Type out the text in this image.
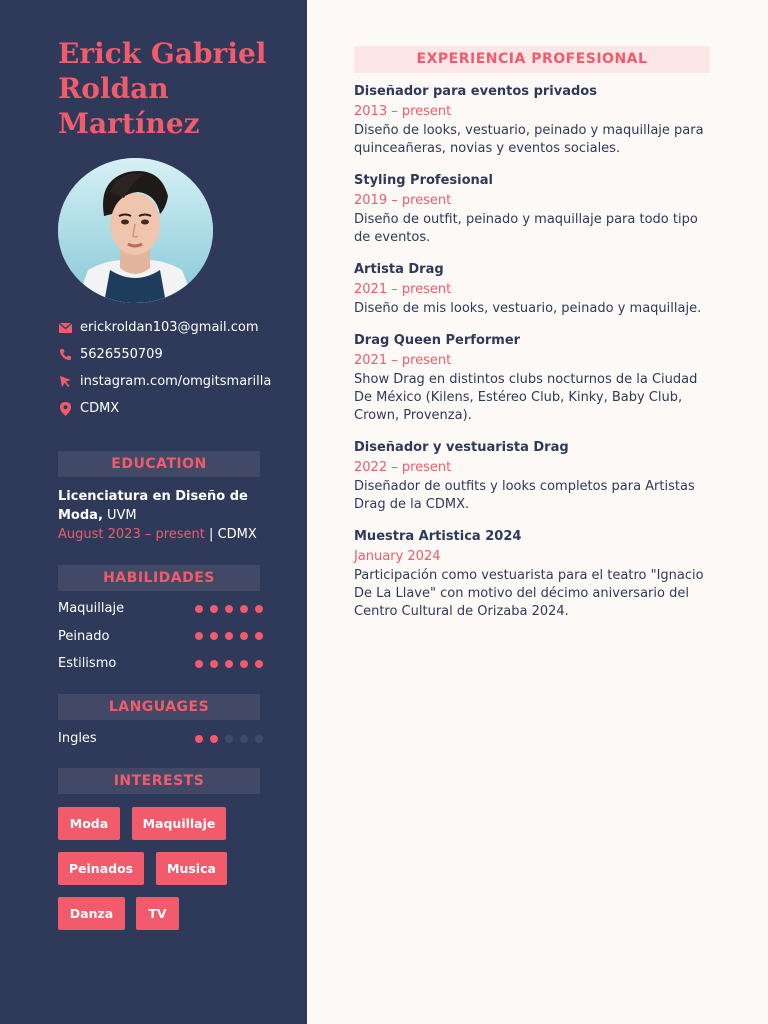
Erick Gabriel
Roldan
Martínez
erickroldan103@gmail.com
5626550709
instagram.com/omgitsmarilla
CDMX
EDUCATION
Licenciatura en Diseño de Moda, UVM
August 2023 – present | CDMX
HABILIDADES
Maquillaje
Peinado
Estilismo
LANGUAGES
Ingles
INTERESTS
Moda	Maquillaje
Peinados	Musica
Danza	TV
EXPERIENCIA PROFESIONAL
Diseñador para eventos privados
2013 – present
Diseño de looks, vestuario, peinado y maquillaje para quinceañeras, novias y eventos sociales.
Styling Profesional
2019 – present
Diseño de outfit, peinado y maquillaje para todo tipo de eventos.
Artista Drag
2021 – present
Diseño de mis looks, vestuario, peinado y maquillaje.
Drag Queen Performer
2021 – present
Show Drag en distintos clubs nocturnos de la Ciudad De México (Kilens, Estéreo Club, Kinky, Baby Club, Crown, Provenza).
Diseñador y vestuarista Drag
2022 – present
Diseñador de outfits y looks completos para Artistas Drag de la CDMX.
Muestra Artistica 2024
January 2024
Participación como vestuarista para el teatro "Ignacio De La Llave" con motivo del décimo aniversario del Centro Cultural de Orizaba 2024.
